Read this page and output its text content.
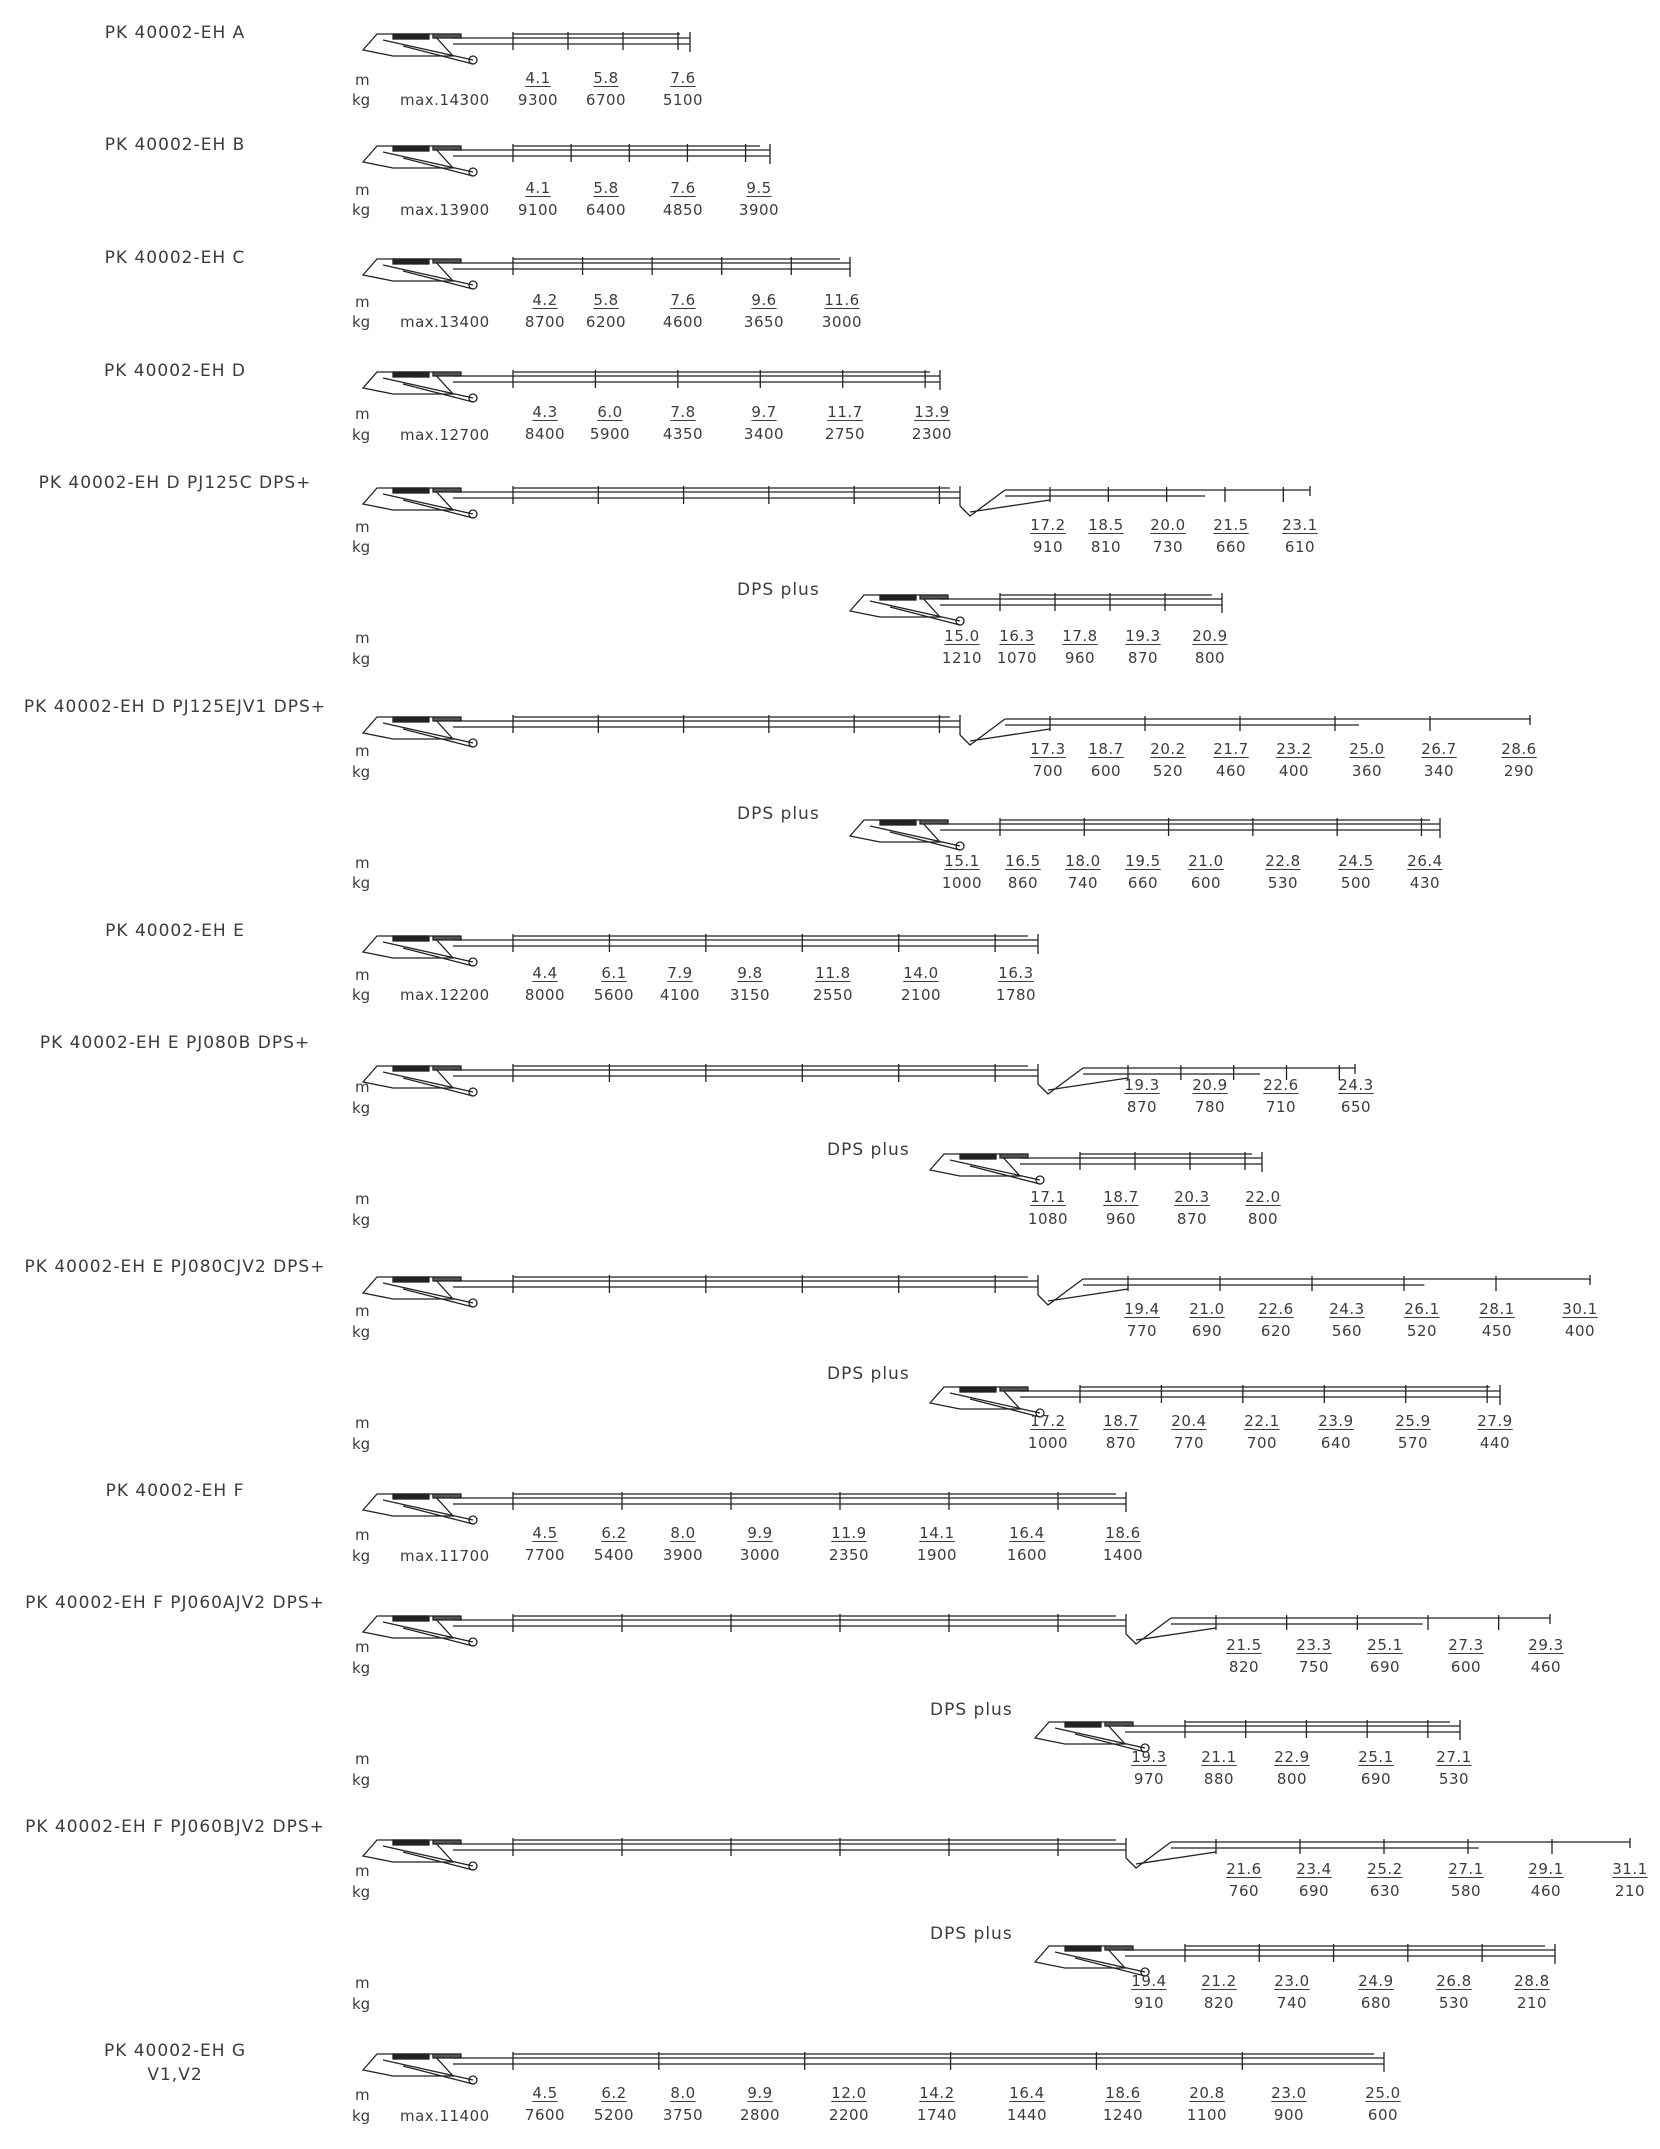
PK 40002-EH A
m
kg max.14300
4.1
9300
5.8
6700
7.6
5100
PK 40002-EH B
m
kg max.13900
4.1
9100
5.8
6400
7.6
4850
9.5
3900
PK 40002-EH C
m
kg max.13400
4.2
8700
5.8
6200
7.6
4600
9.6
3650
11.6
3000
PK 40002-EH D
m
kg max.12700
4.3
8400
6.0
5900
7.8
4350
9.7
3400
11.7
2750
13.9
2300
PK 40002-EH D PJ125C DPS+
m
kg
17.2
910
18.5
810
20.0
730
21.5
660
23.1
610
DPS plus
m
kg
15.0
1210
16.3
1070
17.8
960
19.3
870
20.9
800
PK 40002-EH D PJ125EJV1 DPS+
m
kg
17.3
700
18.7
600
20.2
520
21.7
460
23.2
400
25.0
360
26.7
340
28.6
290
DPS plus
m
kg
15.1
1000
16.5
860
18.0
740
19.5
660
21.0
600
22.8
530
24.5
500
26.4
430
PK 40002-EH E
m
kg max.12200
4.4
8000
6.1
5600
7.9
4100
9.8
3150
11.8
2550
14.0
2100
16.3
1780
PK 40002-EH E PJ080B DPS+
m
kg
19.3
870
20.9
780
22.6
710
24.3
650
DPS plus
m
kg
17.1
1080
18.7
960
20.3
870
22.0
800
PK 40002-EH E PJ080CJV2 DPS+
m
kg
19.4
770
21.0
690
22.6
620
24.3
560
26.1
520
28.1
450
30.1
400
DPS plus
m
kg
17.2
1000
18.7
870
20.4
770
22.1
700
23.9
640
25.9
570
27.9
440
PK 40002-EH F
m
kg max.11700
4.5
7700
6.2
5400
8.0
3900
9.9
3000
11.9
2350
14.1
1900
16.4
1600
18.6
1400
PK 40002-EH F PJ060AJV2 DPS+
m
kg
21.5
820
23.3
750
25.1
690
27.3
600
29.3
460
DPS plus
m
kg
19.3
970
21.1
880
22.9
800
25.1
690
27.1
530
PK 40002-EH F PJ060BJV2 DPS+
m
kg
21.6
760
23.4
690
25.2
630
27.1
580
29.1
460
31.1
210
DPS plus
m
kg
19.4
910
21.2
820
23.0
740
24.9
680
26.8
530
28.8
210
PK 40002-EH G
V1,V2
m
kg max.11400
4.5
7600
6.2
5200
8.0
3750
9.9
2800
12.0
2200
14.2
1740
16.4
1440
18.6
1240
20.8
1100
23.0
900
25.0
600
